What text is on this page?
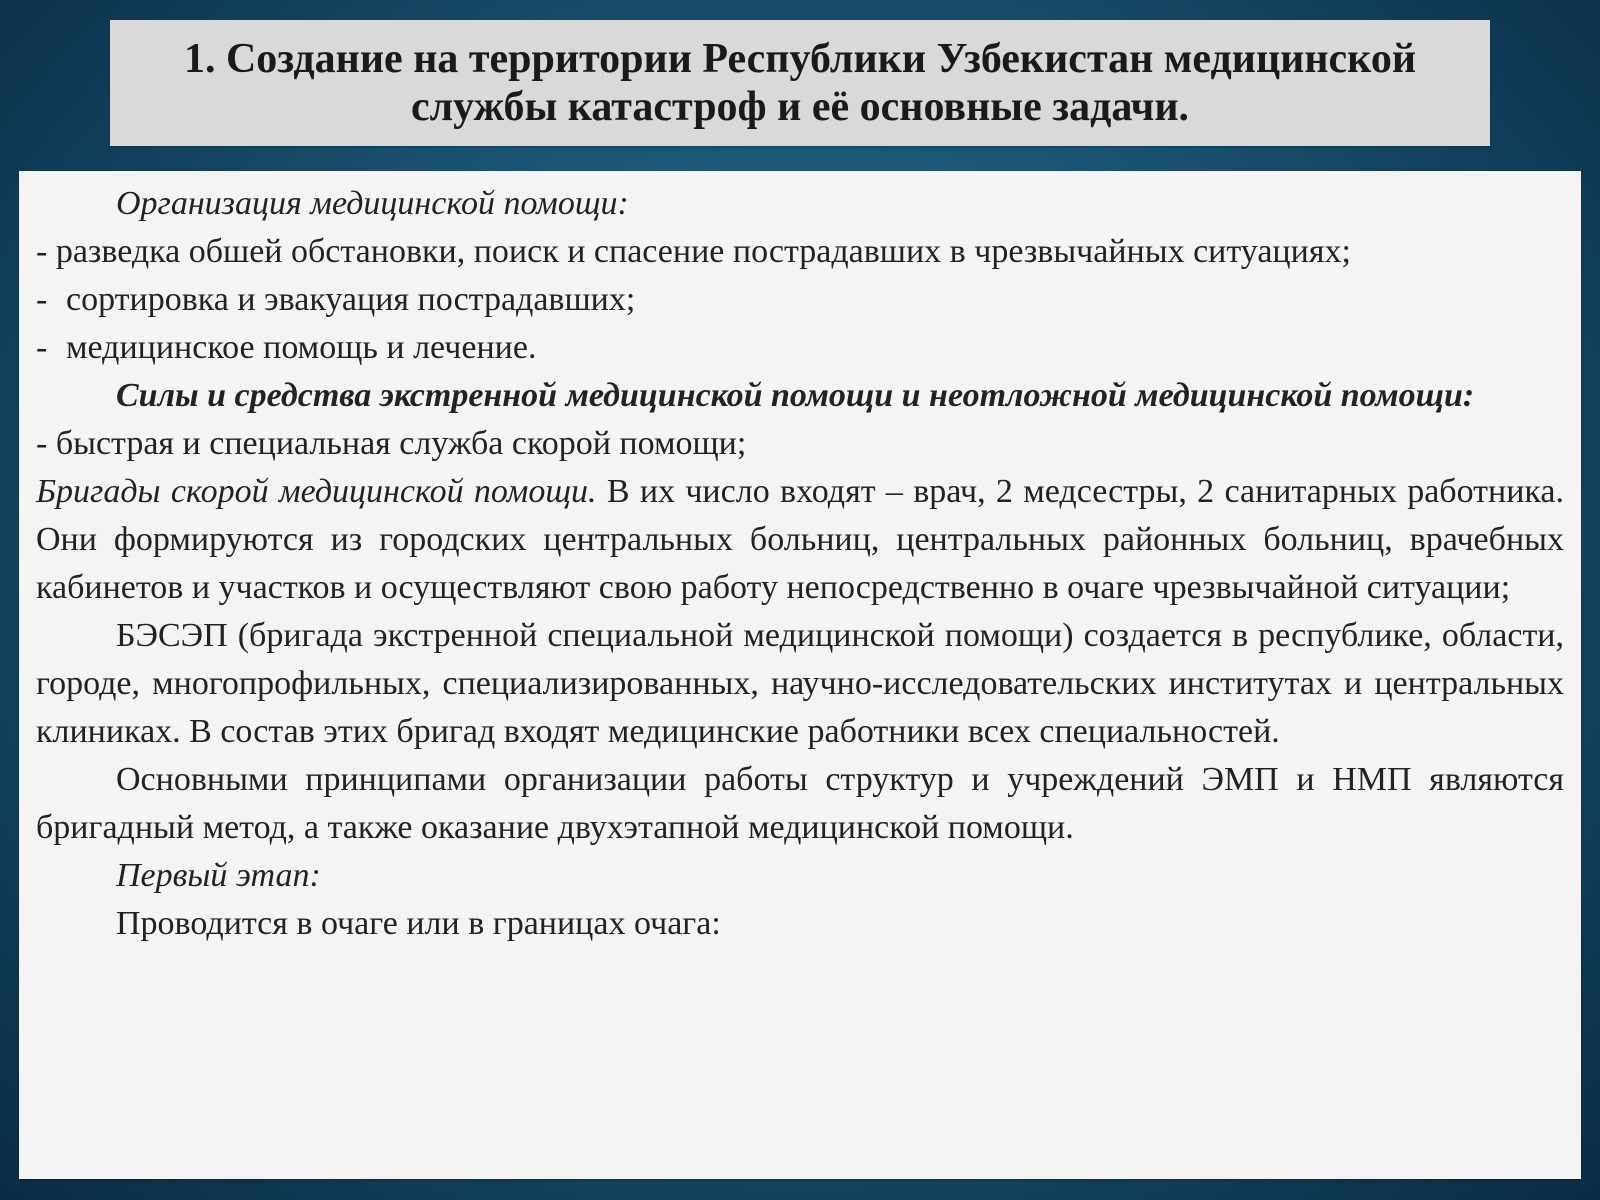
1. Создание на территории Республики Узбекистан медицинской
службы катастроф и её основные задачи.

Организация медицинской помощи:

- разведка обшей обстановки, поиск и спасение пострадавших в чрезвычайных ситуациях;

- сортировка и эвакуация пострадавших;
- медицинское помощь и лечение.

Силы и средства экстренной медицинской помощи и неотложной медицинской помощи:

- быстрая и специальная служба скорой помощи;

Бригады скорой медицинской помощи. В их число входят – врач, 2 медсестры, 2 санитарных работника. Они формируются из городских центральных больниц, центральных районных больниц, врачебных кабинетов и участков и осуществляют свою работу непосредственно в очаге чрезвычайной ситуации;

БЭСЭП (бригада экстренной специальной медицинской помощи) создается в республике, области, городе, многопрофильных, специализированных, научно-исследовательских институтах и центральных клиниках. В состав этих бригад входят медицинские работники всех специальностей.

Основными принципами организации работы структур и учреждений ЭМП и НМП являются бригадный метод, а также оказание двухэтапной медицинской помощи.

Первый этап:

Проводится в очаге или в границах очага:
